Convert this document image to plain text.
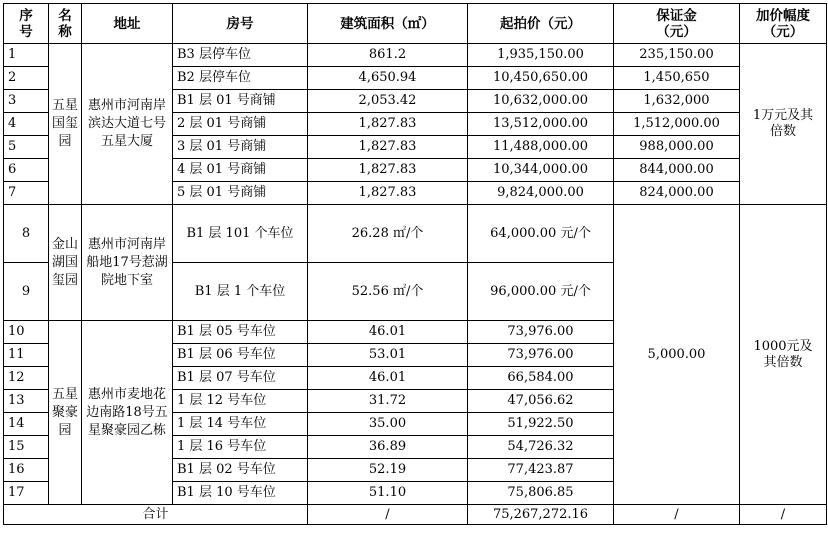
序号	名称	地址	房号	建筑面积（㎡）	起拍价（元）	保证金（元）	加价幅度（元）
1	五星国玺园	惠州市河南岸滨达大道七号五星大厦	B3 层停车位	861.2	1,935,150.00	235,150.00	1万元及其倍数
2			B2 层停车位	4,650.94	10,450,650.00	1,450,650	
3			B1 层 01 号商铺	2,053.42	10,632,000.00	1,632,000	
4			2 层 01 号商铺	1,827.83	13,512,000.00	1,512,000.00	
5			3 层 01 号商铺	1,827.83	11,488,000.00	988,000.00	
6			4 层 01 号商铺	1,827.83	10,344,000.00	844,000.00	
7			5 层 01 号商铺	1,827.83	9,824,000.00	824,000.00	
8	金山湖国玺园	惠州市河南岸船地17号惹湖院地下室	B1 层 101 个车位	26.28 ㎡/个	64,000.00 元/个	5,000.00	1000元及其倍数
9			B1 层 1 个车位	52.56 ㎡/个	96,000.00 元/个		
10	五星聚豪园	惠州市麦地花边南路18号五星聚豪园乙栋	B1 层 05 号车位	46.01	73,976.00		
11			B1 层 06 号车位	53.01	73,976.00		
12			B1 层 07 号车位	46.01	66,584.00		
13			1 层 12 号车位	31.72	47,056.62		
14			1 层 14 号车位	35.00	51,922.50		
15			1 层 16 号车位	36.89	54,726.32		
16			B1 层 02 号车位	52.19	77,423.87		
17			B1 层 10 号车位	51.10	75,806.85		
合计				/	75,267,272.16	/	/
